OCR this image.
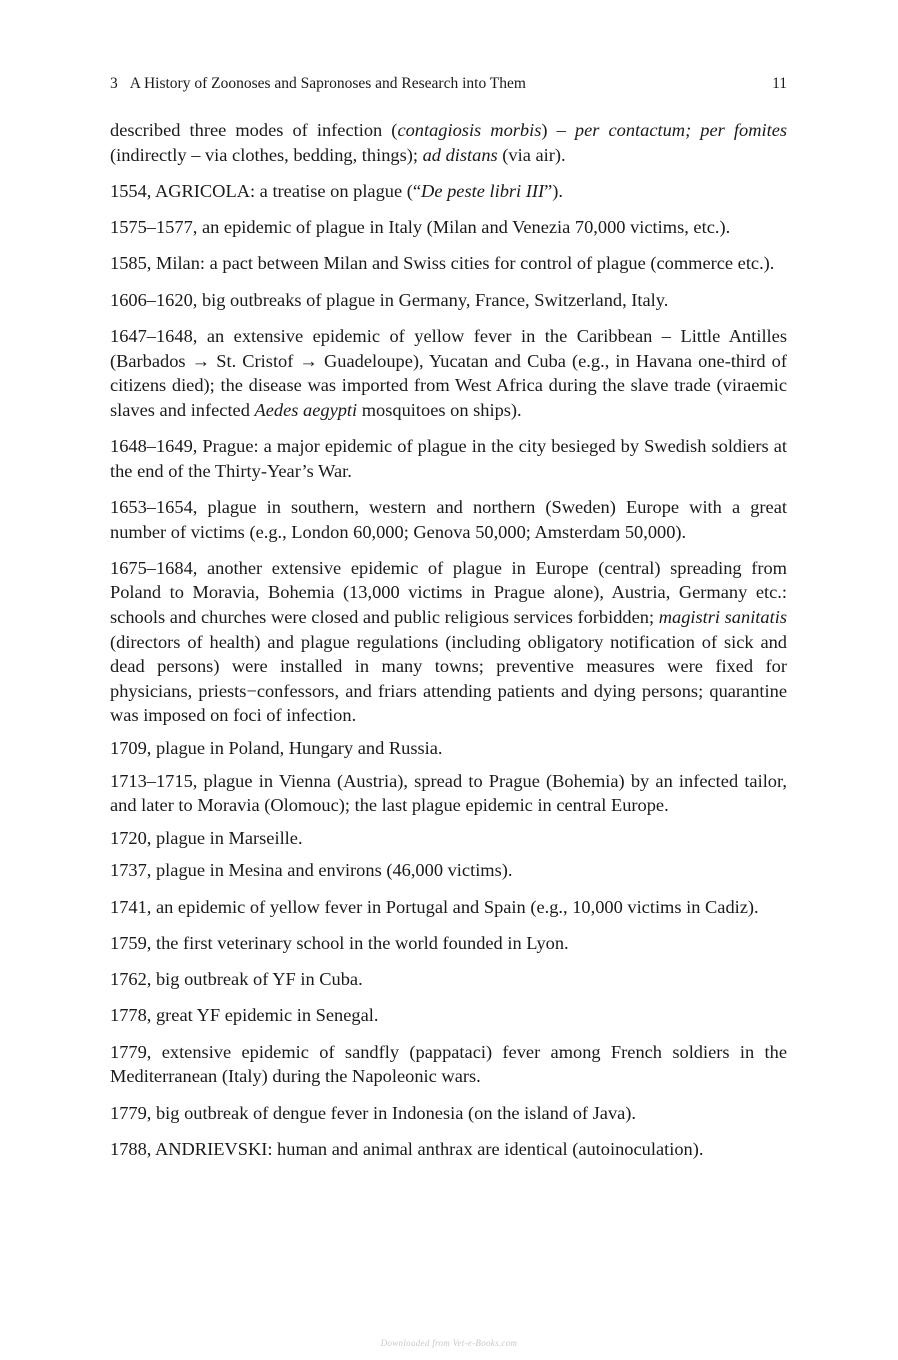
3 A History of Zoonoses and Sapronoses and Research into Them	11

described three modes of infection (contagiosis morbis) – per contactum; per fomites (indirectly – via clothes, bedding, things); ad distans (via air).

1554, AGRICOLA: a treatise on plague (“De peste libri III”).

1575–1577, an epidemic of plague in Italy (Milan and Venezia 70,000 victims, etc.).

1585, Milan: a pact between Milan and Swiss cities for control of plague (commerce etc.).

1606–1620, big outbreaks of plague in Germany, France, Switzerland, Italy.

1647–1648, an extensive epidemic of yellow fever in the Caribbean – Little Antilles (Barbados → St. Cristof → Guadeloupe), Yucatan and Cuba (e.g., in Havana one-third of citizens died); the disease was imported from West Africa during the slave trade (viraemic slaves and infected Aedes aegypti mosquitoes on ships).

1648–1649, Prague: a major epidemic of plague in the city besieged by Swedish soldiers at the end of the Thirty-Year’s War.

1653–1654, plague in southern, western and northern (Sweden) Europe with a great number of victims (e.g., London 60,000; Genova 50,000; Amsterdam 50,000).

1675–1684, another extensive epidemic of plague in Europe (central) spreading from Poland to Moravia, Bohemia (13,000 victims in Prague alone), Austria, Germany etc.: schools and churches were closed and public religious services forbidden; magistri sanitatis (directors of health) and plague regulations (including obligatory notification of sick and dead persons) were installed in many towns; preventive measures were fixed for physicians, priests−confessors, and friars attending patients and dying persons; quarantine was imposed on foci of infection.

1709, plague in Poland, Hungary and Russia.

1713–1715, plague in Vienna (Austria), spread to Prague (Bohemia) by an infected tailor, and later to Moravia (Olomouc); the last plague epidemic in central Europe.

1720, plague in Marseille.

1737, plague in Mesina and environs (46,000 victims).

1741, an epidemic of yellow fever in Portugal and Spain (e.g., 10,000 victims in Cadiz).

1759, the first veterinary school in the world founded in Lyon.

1762, big outbreak of YF in Cuba.

1778, great YF epidemic in Senegal.

1779, extensive epidemic of sandfly (pappataci) fever among French soldiers in the Mediterranean (Italy) during the Napoleonic wars.

1779, big outbreak of dengue fever in Indonesia (on the island of Java).

1788, ANDRIEVSKI: human and animal anthrax are identical (autoinoculation).

Downloaded from Vet-e-Books.com
